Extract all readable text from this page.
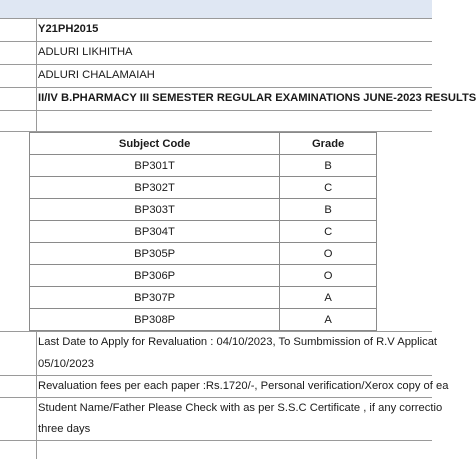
Y21PH2015
ADLURI LIKHITHA
ADLURI CHALAMAIAH
II/IV B.PHARMACY III SEMESTER REGULAR EXAMINATIONS JUNE-2023 RESULTS
Subject Code	Grade
BP301T	B
BP302T	C
BP303T	B
BP304T	C
BP305P	O
BP306P	O
BP307P	A
BP308P	A
Last Date to Apply for Revaluation : 04/10/2023, To Sumbmission of R.V Applicat
05/10/2023
Revaluation fees per each paper :Rs.1720/-, Personal verification/Xerox copy of ea
Student Name/Father Please Check with as per S.S.C Certificate , if any correctio
three days
